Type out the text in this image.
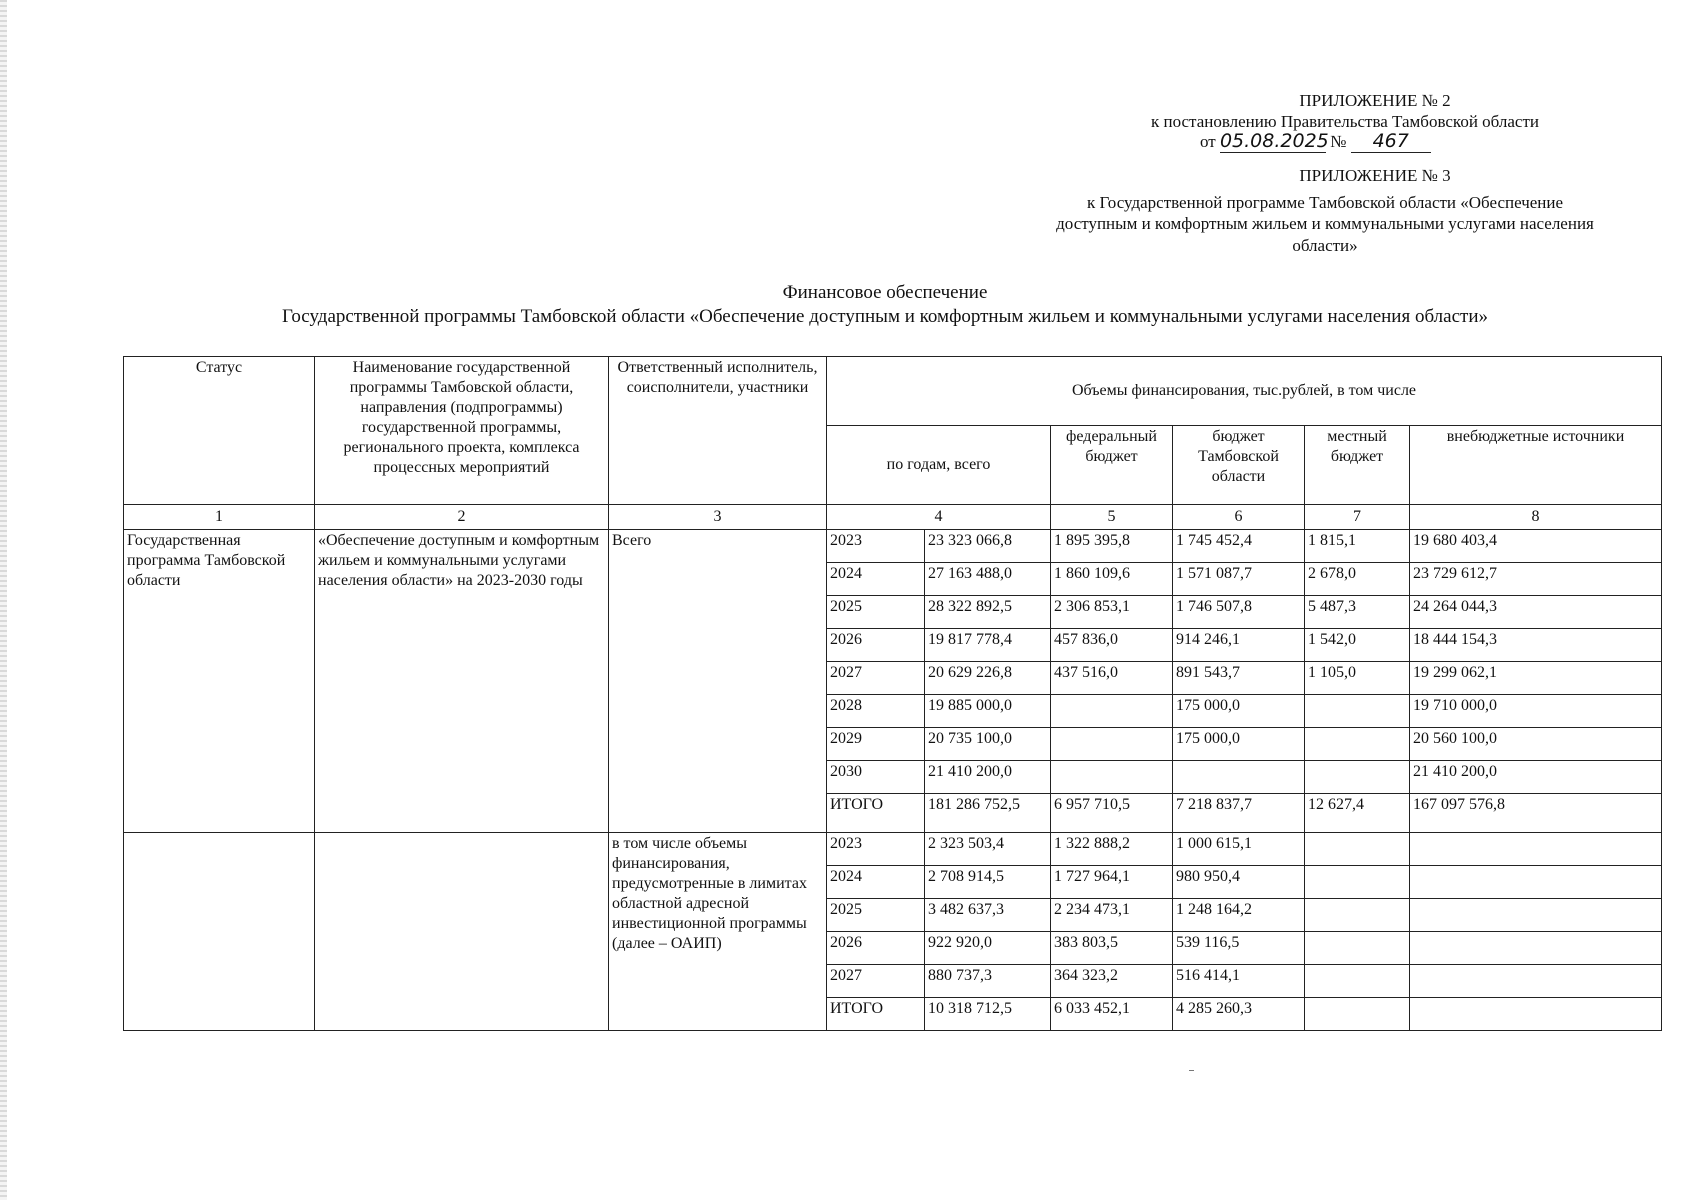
ПРИЛОЖЕНИЕ № 2
к постановлению Правительства Тамбовской области
от 05.08.2025 № 467
ПРИЛОЖЕНИЕ № 3
к Государственной программе Тамбовской области «Обеспечение
доступным и комфортным жильем и коммунальными услугами населения
области»
Финансовое обеспечение
Государственной программы Тамбовской области «Обеспечение доступным и комфортным жильем и коммунальными услугами населения области»
Статус	Наименование государственной программы Тамбовской области, направления (подпрограммы) государственной программы, регионального проекта, комплекса процессных мероприятий	Ответственный исполнитель, соисполнители, участники	Объемы финансирования, тыс.рублей, в том числе					
			по годам, всего		федеральный бюджет	бюджет Тамбовской области	местный бюджет	внебюджетные источники
1	2	3	4		5	6	7	8
Государственная программа Тамбовской области	«Обеспечение доступным и комфортным жильем и коммунальными услугами населения области» на 2023-2030 годы	Всего	2023	23 323 066,8	1 895 395,8	1 745 452,4	1 815,1	19 680 403,4
			2024	27 163 488,0	1 860 109,6	1 571 087,7	2 678,0	23 729 612,7
			2025	28 322 892,5	2 306 853,1	1 746 507,8	5 487,3	24 264 044,3
			2026	19 817 778,4	457 836,0	914 246,1	1 542,0	18 444 154,3
			2027	20 629 226,8	437 516,0	891 543,7	1 105,0	19 299 062,1
			2028	19 885 000,0		175 000,0		19 710 000,0
			2029	20 735 100,0		175 000,0		20 560 100,0
			2030	21 410 200,0				21 410 200,0
			ИТОГО	181 286 752,5	6 957 710,5	7 218 837,7	12 627,4	167 097 576,8
		в том числе объемы финансирования, предусмотренные в лимитах областной адресной инвестиционной программы (далее – ОАИП)	2023	2 323 503,4	1 322 888,2	1 000 615,1		
			2024	2 708 914,5	1 727 964,1	980 950,4		
			2025	3 482 637,3	2 234 473,1	1 248 164,2		
			2026	922 920,0	383 803,5	539 116,5		
			2027	880 737,3	364 323,2	516 414,1		
			ИТОГО	10 318 712,5	6 033 452,1	4 285 260,3		
